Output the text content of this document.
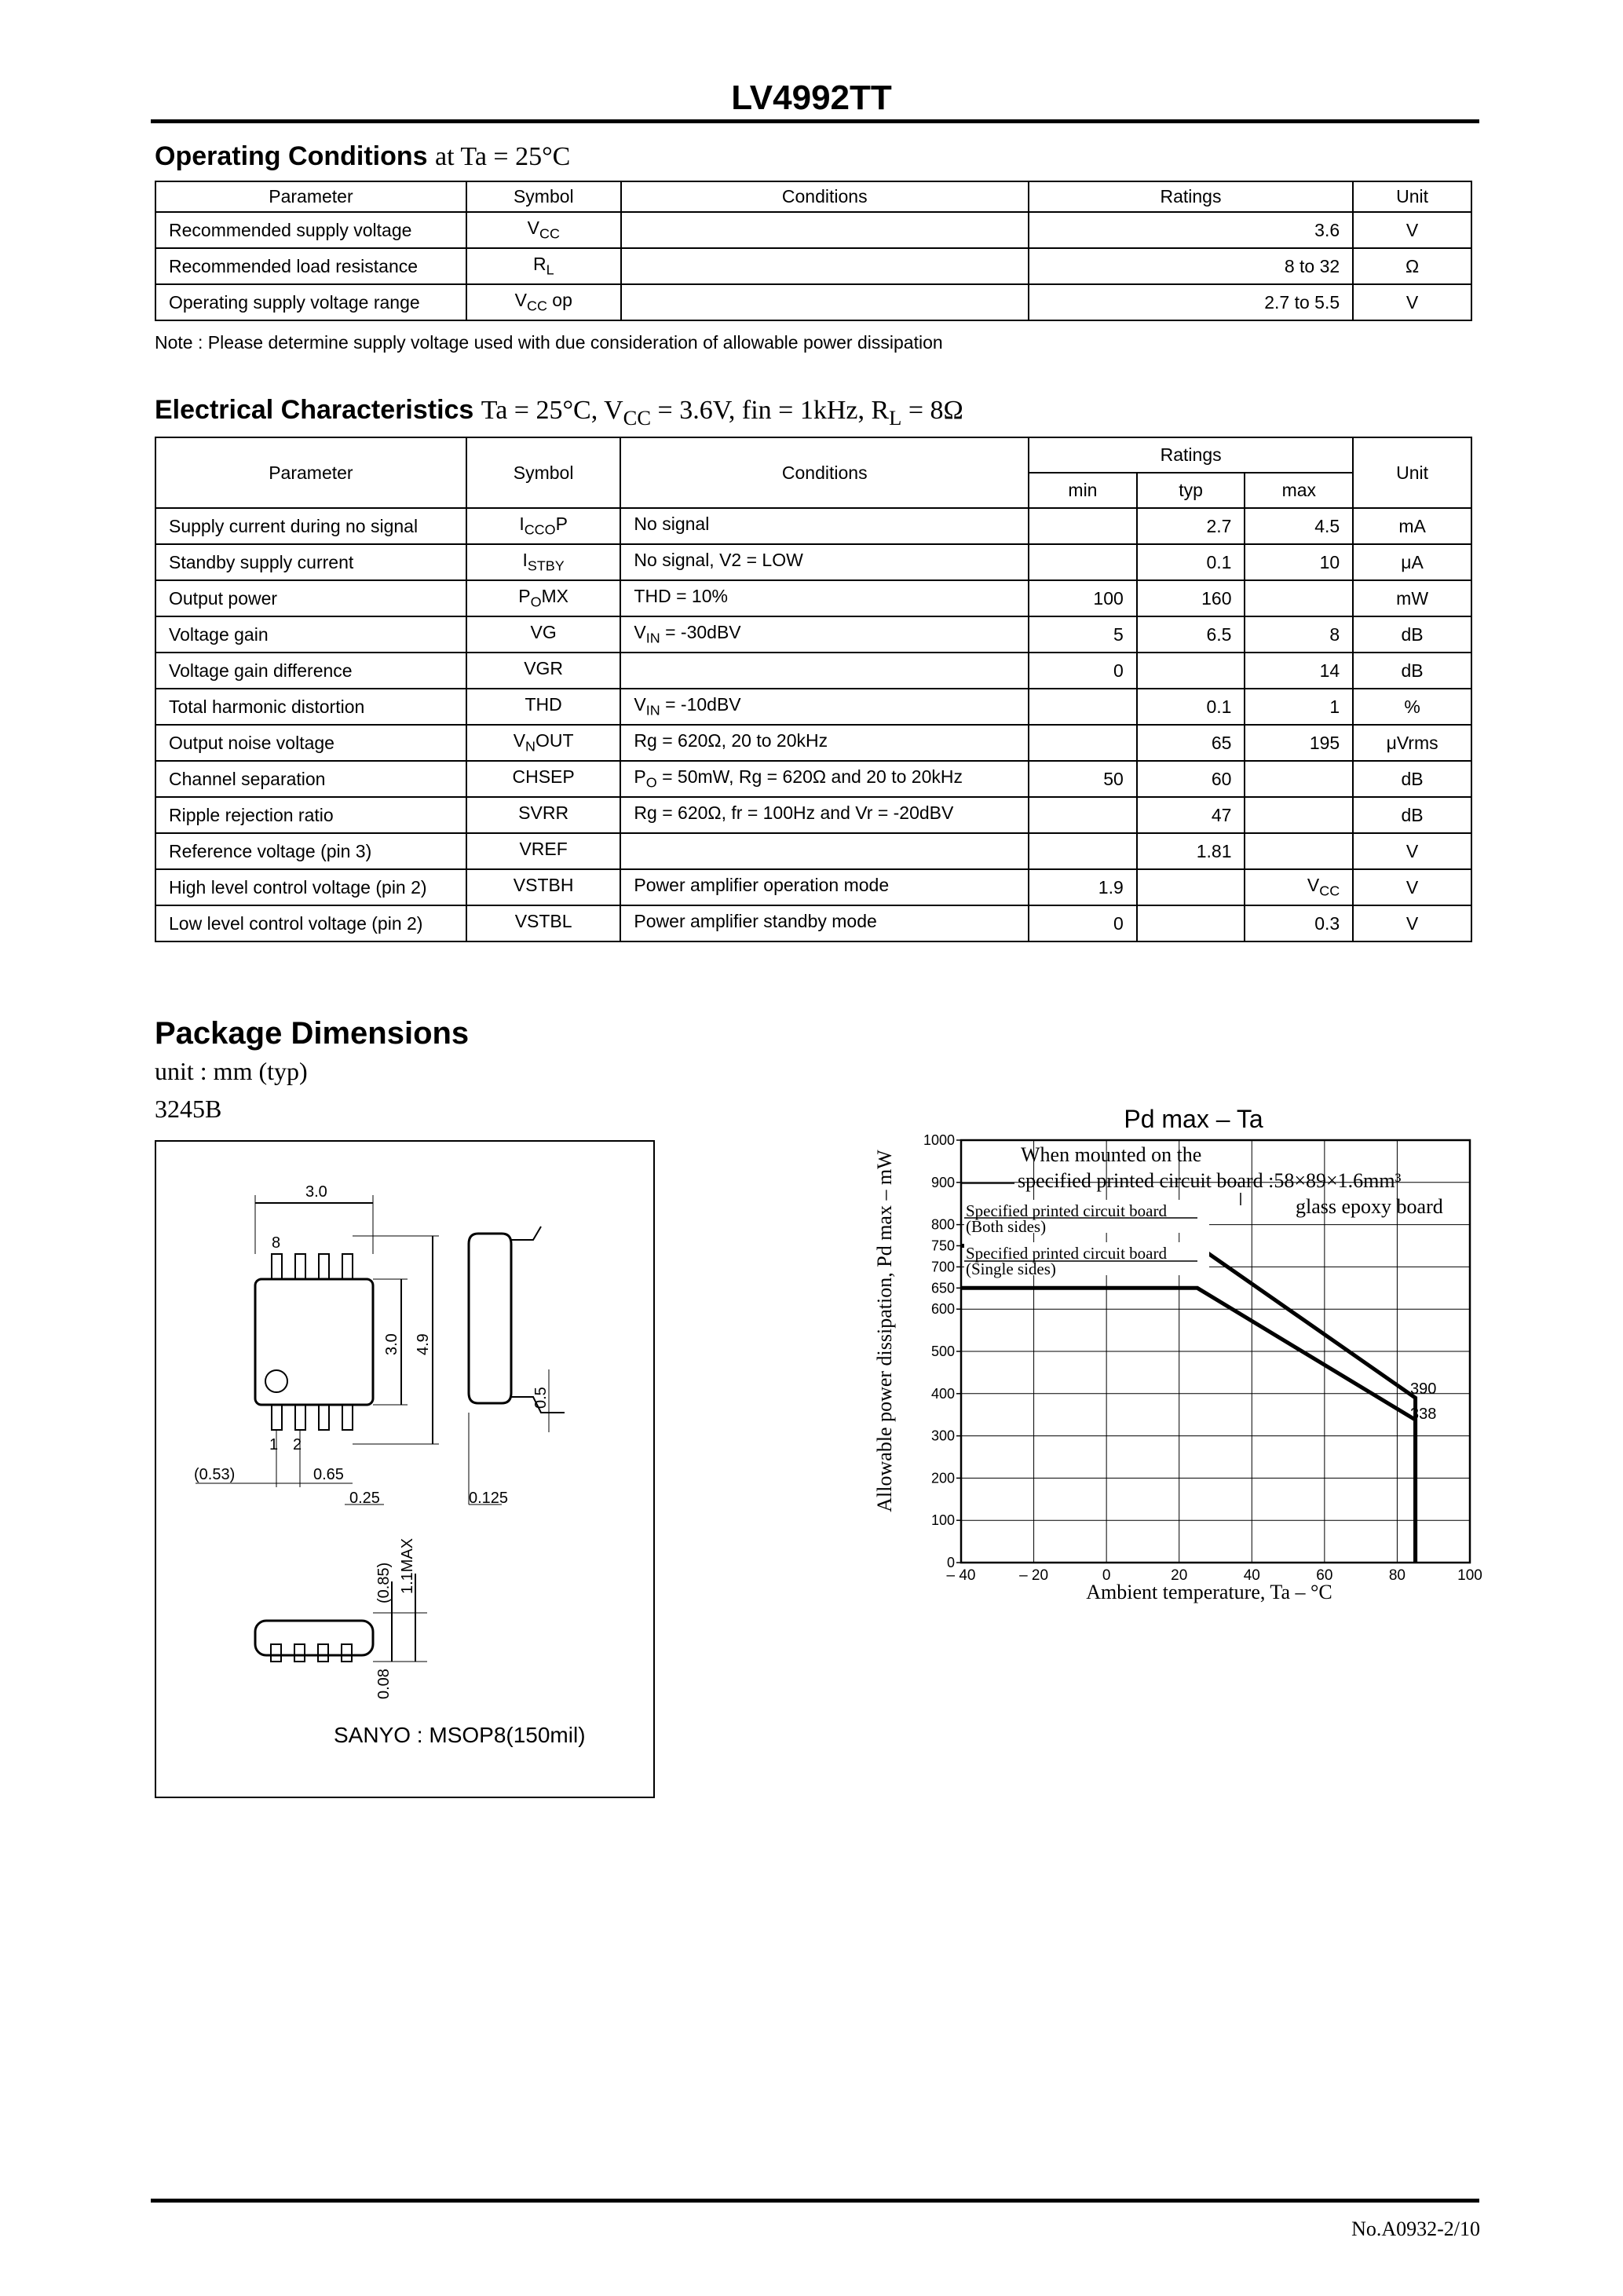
LV4992TT
Operating Conditions at Ta = 25°C
Parameter	Symbol	Conditions	Ratings	Unit
Recommended supply voltage	$V_{CC}$		3.6	V
Recommended load resistance	$R_L$		8 to 32	Ω
Operating supply voltage range	$V_{CC}$ op		2.7 to 5.5	V
Note : Please determine supply voltage used with due consideration of allowable power dissipation
Electrical Characteristics Ta = 25°C, $V_{CC} = 3.6V$, fin = 1kHz, $R_L = 8\Omega$
Parameter	Symbol	Conditions	Ratings			Unit
			min	typ	max	
Supply current during no signal	$I_{CCO}P$	No signal		2.7	4.5	mA
Standby supply current	$I_{STBY}$	No signal, V2 = LOW		0.1	10	μA
Output power	$P_OMX$	THD = 10%	100	160		mW
Voltage gain	VG	$V_{IN} = -30dBV$	5	6.5	8	dB
Voltage gain difference	VGR		0		14	dB
Total harmonic distortion	THD	$V_{IN} = -10dBV$		0.1	1	%
Output noise voltage	$V_NOUT$	Rg = 620Ω, 20 to 20kHz		65	195	μVrms
Channel separation	CHSEP	$P_O = 50mW$, Rg = 620Ω and 20 to 20kHz	50	60		dB
Ripple rejection ratio	SVRR	Rg = 620Ω, fr = 100Hz and Vr = -20dBV		47		dB
Reference voltage (pin 3)	VREF			1.81		V
High level control voltage (pin 2)	VSTBH	Power amplifier operation mode	1.9		$V_{CC}$	V
Low level control voltage (pin 2)	VSTBL	Power amplifier standby mode	0		0.3	V
Package Dimensions
unit : mm (typ)
3245B
3.0
8
1 2
3.0 4.9
(0.53)	0.65
0.25	0.125
0.5
(0.85) 1.1MAX
0.08
SANYO : MSOP8(150mil)
Pd max – Ta
Allowable power dissipation, Pd max – mW
Ambient temperature, Ta – °C
– 40	– 20	0	20	40	60	80	100
0
100
200
300
400
500
600
650
700
750
800
900
1000
When mounted on the
specified printed circuit board :58×89×1.6mm³
glass epoxy board
Specified printed circuit board
(Both sides)
Specified printed circuit board
(Single sides)
390
338
No.A0932-2/10
